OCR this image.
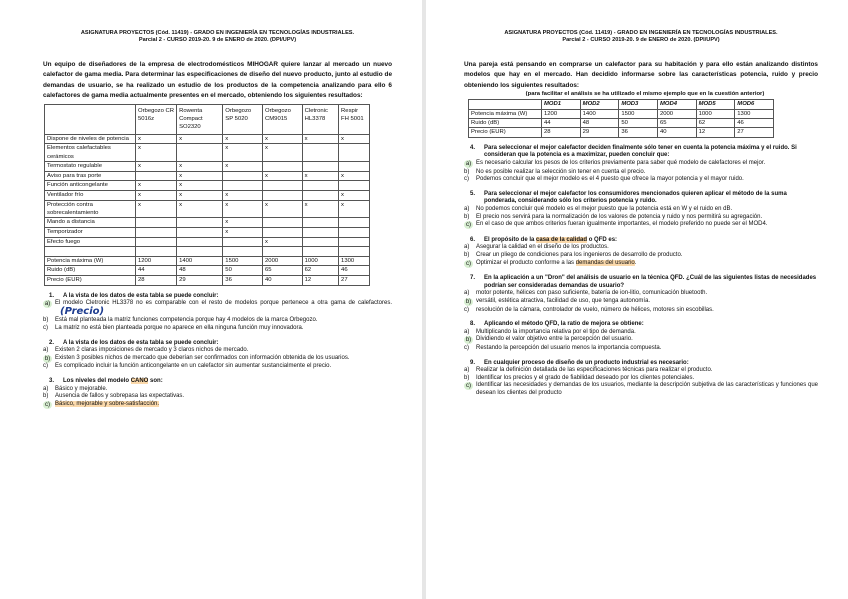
ASIGNATURA PROYECTOS (Cód. 11419) - GRADO EN INGENIERÍA EN TECNOLOGÍAS INDUSTRIALES.
Parcial 2 - CURSO 2019-20. 9 de ENERO de 2020. (DPI/UPV)
Un equipo de diseñadores de la empresa de electrodomésticos MIHOGAR quiere lanzar al mercado un nuevo calefactor de gama media. Para determinar las especificaciones de diseño del nuevo producto, junto al estudio de demandas de usuario, se ha realizado un estudio de los productos de la competencia analizando para ello 6 calefactores de gama media actualmente presentes en el mercado, obteniendo los siguientes resultados:
	Orbegozo CR 5016z	Rowenta Compact SO2320	Orbegozo SP 5020	Orbegozo CM9015	Cletronic HL3378	Respir FH 5001
Dispone de niveles de potencia	x	x	x	x	x	x
Elementos calefactables cerámicos	x		x	x		
Termostato regulable	x	x	x			
Aviso para tras porte		x		x	x	x
Función anticongelante	x	x				
Ventilador frío	x	x	x			x
Protección contra sobrecalentamiento	x	x	x	x	x	x
Mando a distancia			x			
Temporizador			x			
Efecto fuego				x		

Potencia máxima (W)	1200	1400	1500	2000	1000	1300
Ruido (dB)	44	48	50	65	62	46
Precio (EUR)	28	29	36	40	12	27
1.	A la vista de los datos de esta tabla se puede concluir:
a) El modelo Cletronic HL3378 no es comparable con el resto de modelos porque pertenece a otra gama de calefactores.(Precio)
b)	Está mal planteada la matriz funciones competencia porque hay 4 modelos de la marca Orbegozo.
c)	La matriz no está bien planteada porque no aparece en ella ninguna función muy innovadora.
2.	A la vista de los datos de esta tabla se puede concluir:
a)	Existen 2 claras imposiciones de mercado y 3 claros nichos de mercado.
b) Existen 3 posibles nichos de mercado que deberían ser confirmados con información obtenida de los usuarios.
c)	Es complicado incluir la función anticongelante en un calefactor sin aumentar sustancialmente el precio.
3.	Los niveles del modelo CANO son:
a)	Básico y mejorable.
b)	Ausencia de fallos y sobrepasa las expectativas.
c) Básico, mejorable y sobre-satisfacción.
ASIGNATURA PROYECTOS (Cód. 11419) - GRADO EN INGENIERÍA EN TECNOLOGÍAS INDUSTRIALES.
Parcial 2 - CURSO 2019-20. 9 de ENERO de 2020. (DPI/UPV)
Una pareja está pensando en comprarse un calefactor para su habitación y para ello están analizando distintos modelos que hay en el mercado. Han decidido informarse sobre las características potencia, ruido y precio obteniendo los siguientes resultados:
(para facilitar el análisis se ha utilizado el mismo ejemplo que en la cuestión anterior)
	MOD1	MOD2	MOD3	MOD4	MOD5	MOD6
Potencia máxima (W)	1200	1400	1500	2000	1000	1300
Ruido (dB)	44	48	50	65	62	46
Precio (EUR)	28	29	36	40	12	27
4.	Para seleccionar el mejor calefactor deciden finalmente sólo tener en cuenta la potencia máxima y el ruido. Si consideran que la potencia es a maximizar, pueden concluir que:
a) Es necesario calcular los pesos de los criterios previamente para saber qué modelo de calefactores el mejor.
b)	No es posible realizar la selección sin tener en cuenta el precio.
c)	Podemos concluir que el mejor modelo es el 4 puesto que ofrece la mayor potencia y el mayor ruido.
5.	Para seleccionar el mejor calefactor los consumidores mencionados quieren aplicar el método de la suma ponderada, considerando sólo los criterios potencia y ruido.
a)	No podemos concluir qué modelo es el mejor puesto que la potencia está en W y el ruido en dB.
b)	El precio nos servirá para la normalización de los valores de potencia y ruido y nos permitirá su agregación.
c) En el caso de que ambos criterios fueran igualmente importantes, el modelo preferido no puede ser el MOD4.
6.	El propósito de la casa de la calidad o QFD es:
a)	Asegurar la calidad en el diseño de los productos.
b)	Crear un pliego de condiciones para los ingenieros de desarrollo de producto.
c) Optimizar el producto conforme a las demandas del usuario.
7.	En la aplicación a un "Dron" del análisis de usuario en la técnica QFD. ¿Cuál de las siguientes listas de necesidades podrían ser consideradas demandas de usuario?
a)	motor potente, hélices con paso suficiente, batería de ion-litio, comunicación bluetooth.
b) versátil, estética atractiva, facilidad de uso, que tenga autonomía.
c)	resolución de la cámara, controlador de vuelo, número de hélices, motores sin escobillas.
8.	Aplicando el método QFD, la ratio de mejora se obtiene:
a)	Multiplicando la importancia relativa por el tipo de demanda.
b) Dividiendo el valor objetivo entre la percepción del usuario.
c)	Restando la percepción del usuario menos la importancia compuesta.
9.	En cualquier proceso de diseño de un producto industrial es necesario:
a)	Realizar la definición detallada de las especificaciones técnicas para realizar el producto.
b)	Identificar los precios y el grado de fiabilidad deseado por los clientes potenciales.
c) Identificar las necesidades y demandas de los usuarios, mediante la descripción subjetiva de las características y funciones que desean los clientes del producto
